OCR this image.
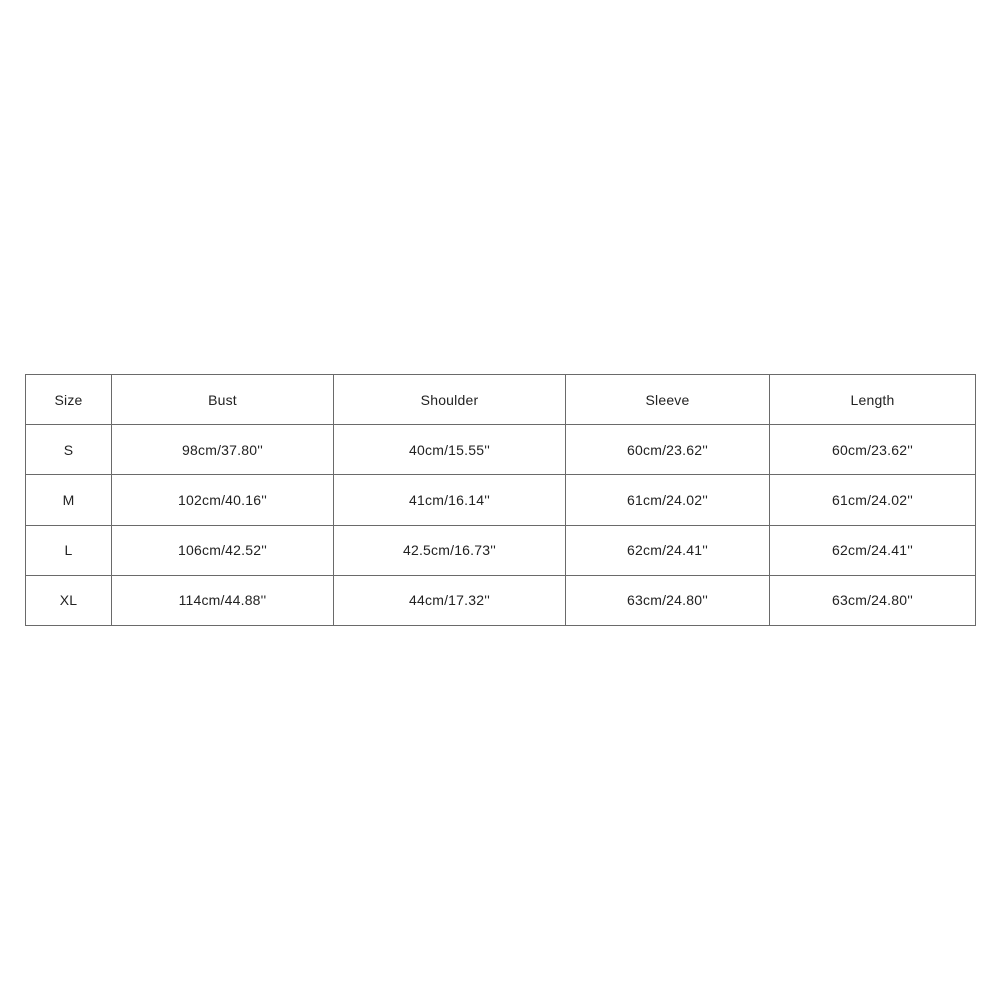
Size	Bust	Shoulder	Sleeve	Length
S	98cm/37.80''	40cm/15.55''	60cm/23.62''	60cm/23.62''
M	102cm/40.16''	41cm/16.14''	61cm/24.02''	61cm/24.02''
L	106cm/42.52''	42.5cm/16.73''	62cm/24.41''	62cm/24.41''
XL	114cm/44.88''	44cm/17.32''	63cm/24.80''	63cm/24.80''
